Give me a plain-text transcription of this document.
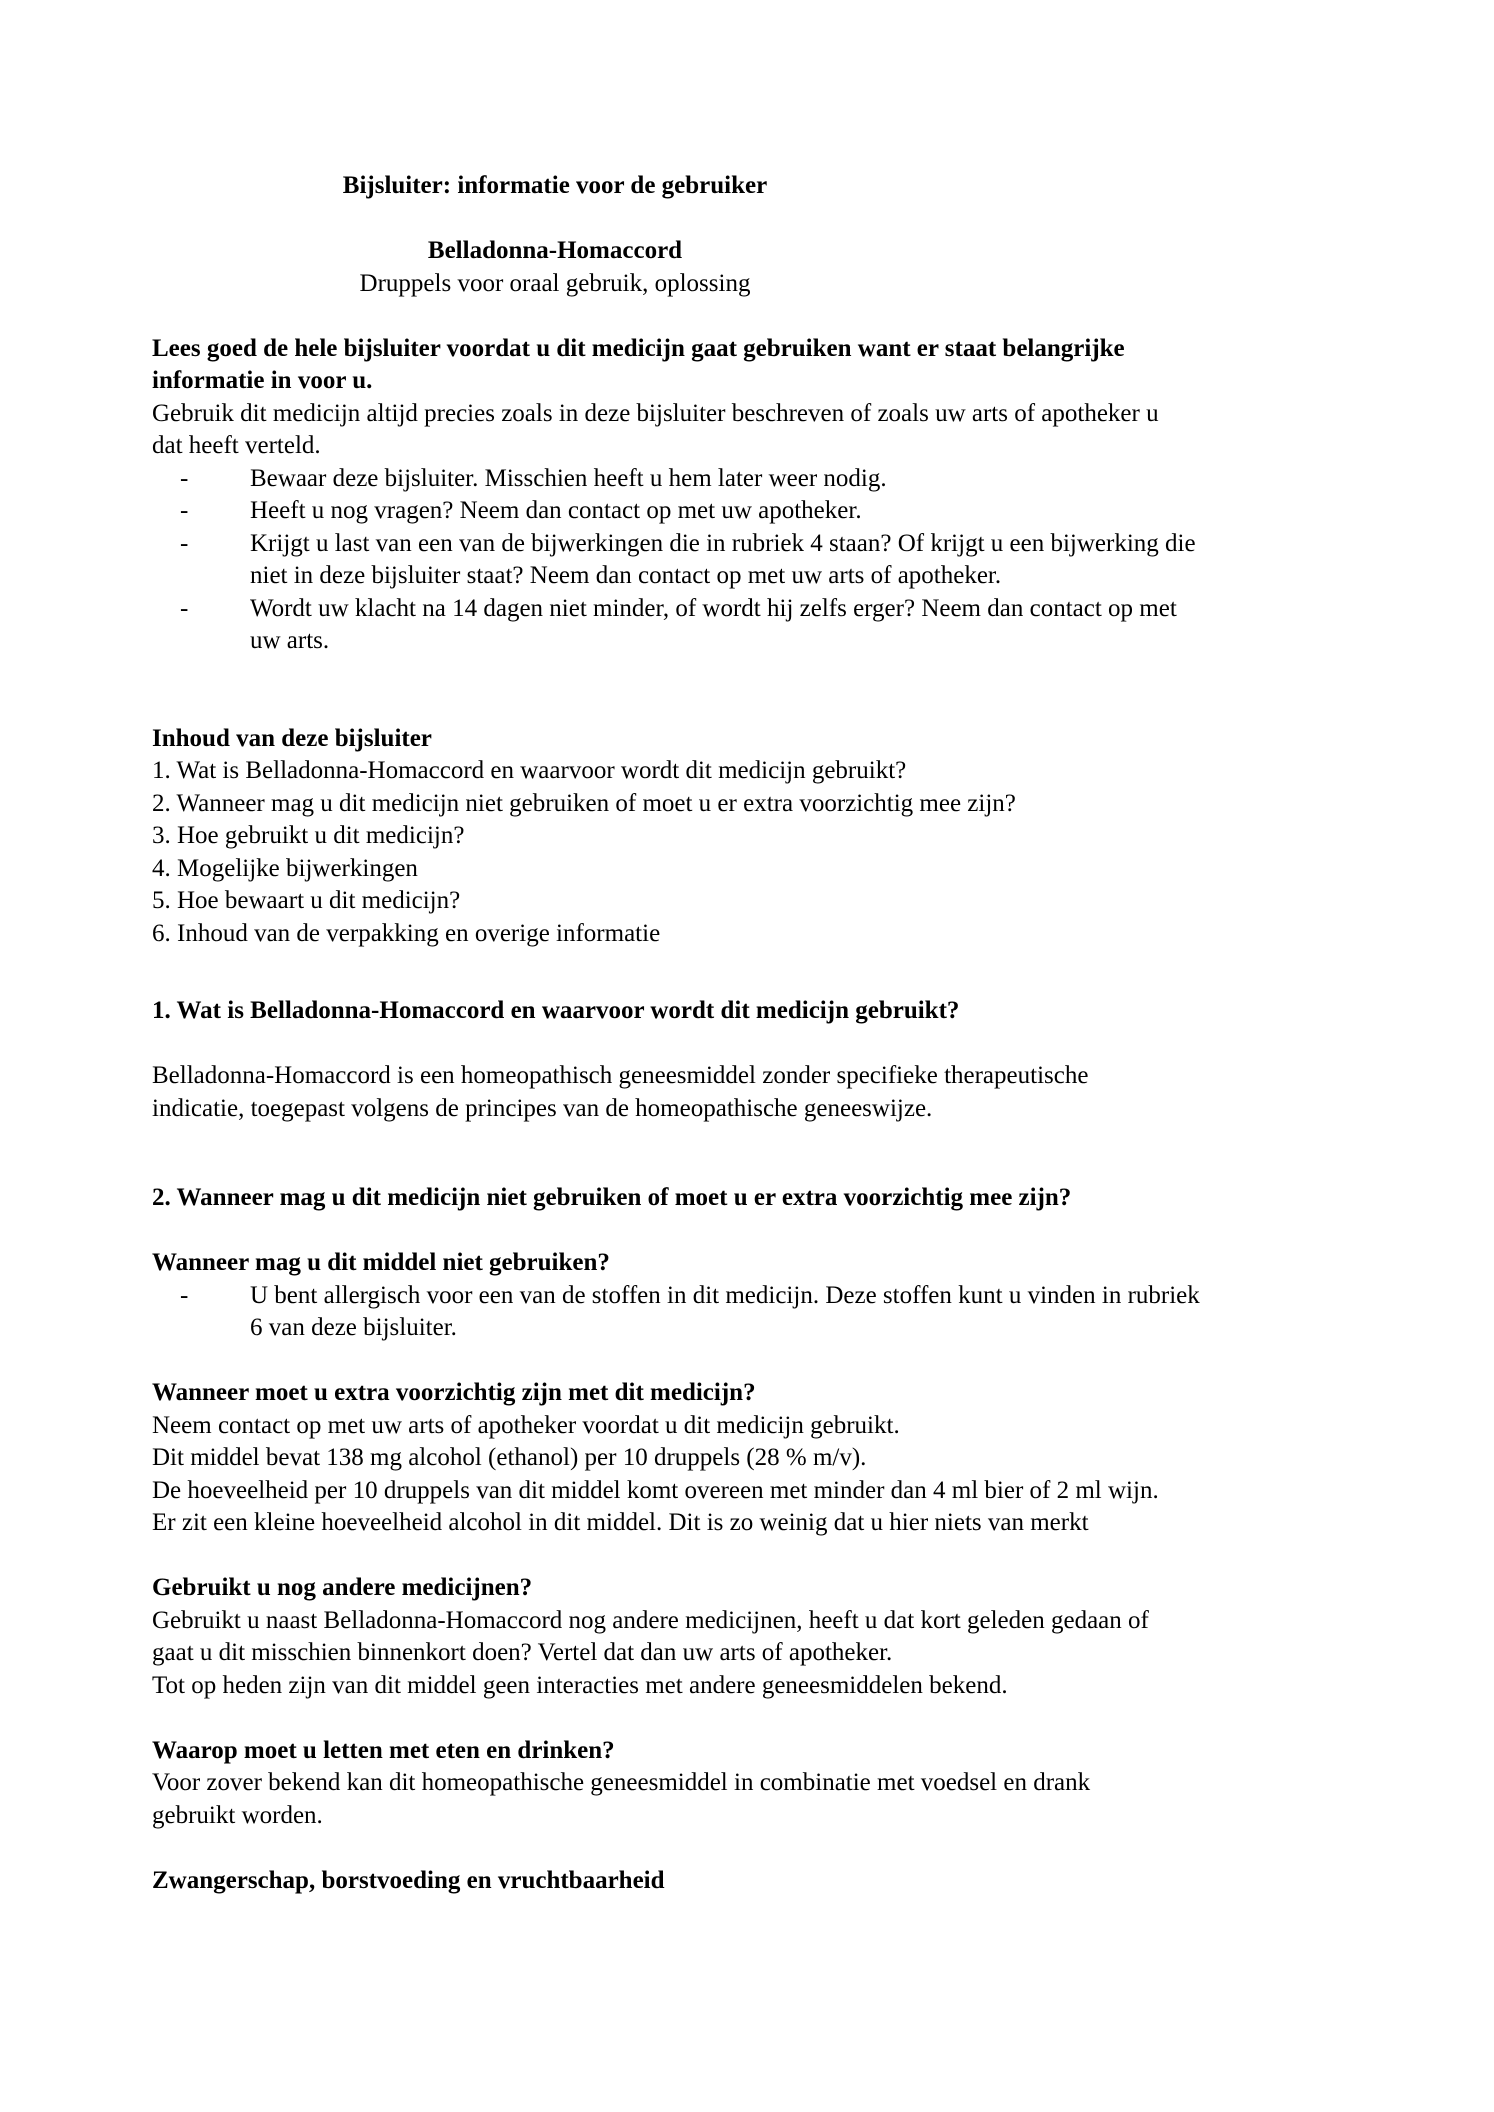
Bijsluiter: informatie voor de gebruiker
Belladonna-Homaccord
Druppels voor oraal gebruik, oplossing
Lees goed de hele bijsluiter voordat u dit medicijn gaat gebruiken want er staat belangrijke
informatie in voor u.
Gebruik dit medicijn altijd precies zoals in deze bijsluiter beschreven of zoals uw arts of apotheker u
dat heeft verteld.
-	Bewaar deze bijsluiter. Misschien heeft u hem later weer nodig.
-	Heeft u nog vragen? Neem dan contact op met uw apotheker.
-	Krijgt u last van een van de bijwerkingen die in rubriek 4 staan? Of krijgt u een bijwerking die
niet in deze bijsluiter staat? Neem dan contact op met uw arts of apotheker.
-	Wordt uw klacht na 14 dagen niet minder, of wordt hij zelfs erger? Neem dan contact op met
uw arts.
Inhoud van deze bijsluiter
1. Wat is Belladonna-Homaccord en waarvoor wordt dit medicijn gebruikt?
2. Wanneer mag u dit medicijn niet gebruiken of moet u er extra voorzichtig mee zijn?
3. Hoe gebruikt u dit medicijn?
4. Mogelijke bijwerkingen
5. Hoe bewaart u dit medicijn?
6. Inhoud van de verpakking en overige informatie
1. Wat is Belladonna-Homaccord en waarvoor wordt dit medicijn gebruikt?
Belladonna-Homaccord is een homeopathisch geneesmiddel zonder specifieke therapeutische
indicatie, toegepast volgens de principes van de homeopathische geneeswijze.
2. Wanneer mag u dit medicijn niet gebruiken of moet u er extra voorzichtig mee zijn?
Wanneer mag u dit middel niet gebruiken?
-	U bent allergisch voor een van de stoffen in dit medicijn. Deze stoffen kunt u vinden in rubriek
6 van deze bijsluiter.
Wanneer moet u extra voorzichtig zijn met dit medicijn?
Neem contact op met uw arts of apotheker voordat u dit medicijn gebruikt.
Dit middel bevat 138 mg alcohol (ethanol) per 10 druppels (28 % m/v).
De hoeveelheid per 10 druppels van dit middel komt overeen met minder dan 4 ml bier of 2 ml wijn.
Er zit een kleine hoeveelheid alcohol in dit middel. Dit is zo weinig dat u hier niets van merkt
Gebruikt u nog andere medicijnen?
Gebruikt u naast Belladonna-Homaccord nog andere medicijnen, heeft u dat kort geleden gedaan of
gaat u dit misschien binnenkort doen? Vertel dat dan uw arts of apotheker.
Tot op heden zijn van dit middel geen interacties met andere geneesmiddelen bekend.
Waarop moet u letten met eten en drinken?
Voor zover bekend kan dit homeopathische geneesmiddel in combinatie met voedsel en drank
gebruikt worden.
Zwangerschap, borstvoeding en vruchtbaarheid
